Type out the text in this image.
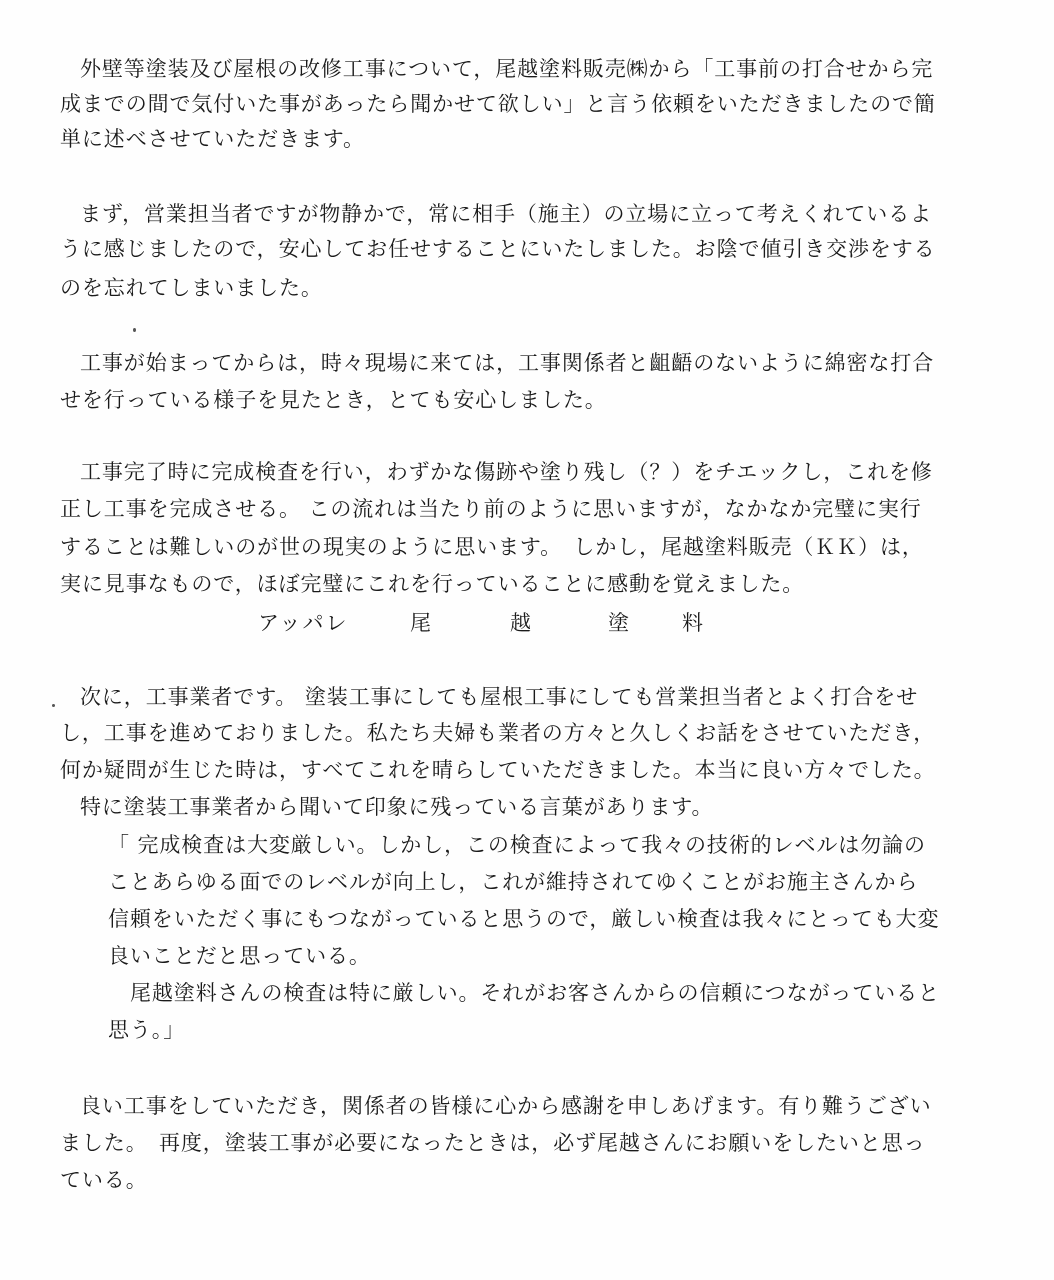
外壁等塗装及び屋根の改修工事について，尾越塗料販売㈱から「工事前の打合せから完
成までの間で気付いた事があったら聞かせて欲しい」と言う依頼をいただきましたので簡
単に述べさせていただきます。
まず，営業担当者ですが物静かで，常に相手（施主）の立場に立って考えくれているよ
うに感じましたので，安心してお任せすることにいたしました。お陰で値引き交渉をする
のを忘れてしまいました。
工事が始まってからは，時々現場に来ては，工事関係者と齟齬のないように綿密な打合
せを行っている様子を見たとき，とても安心しました。
工事完了時に完成検査を行い，わずかな傷跡や塗り残し（？）をチエックし，これを修
正し工事を完成させる。 この流れは当たり前のように思いますが，なかなか完璧に実行
することは難しいのが世の現実のように思います。　しかし，尾越塗料販売（ＫＫ）は，
実に見事なもので，ほぼ完璧にこれを行っていることに感動を覚えました。
アッパレ	尾	越	塗	料
次に，工事業者です。 塗装工事にしても屋根工事にしても営業担当者とよく打合をせ
し，工事を進めておりました。私たち夫婦も業者の方々と久しくお話をさせていただき，
何か疑問が生じた時は，すべてこれを晴らしていただきました。本当に良い方々でした。
特に塗装工事業者から聞いて印象に残っている言葉があります。
「 完成検査は大変厳しい。しかし，この検査によって我々の技術的レベルは勿論の
ことあらゆる面でのレベルが向上し，これが維持されてゆくことがお施主さんから
信頼をいただく事にもつながっていると思うので，厳しい検査は我々にとっても大変
良いことだと思っている。
尾越塗料さんの検査は特に厳しい。それがお客さんからの信頼につながっていると
思う。」
良い工事をしていただき，関係者の皆様に心から感謝を申しあげます。有り難うござい
ました。　再度，塗装工事が必要になったときは，必ず尾越さんにお願いをしたいと思っ
ている。
